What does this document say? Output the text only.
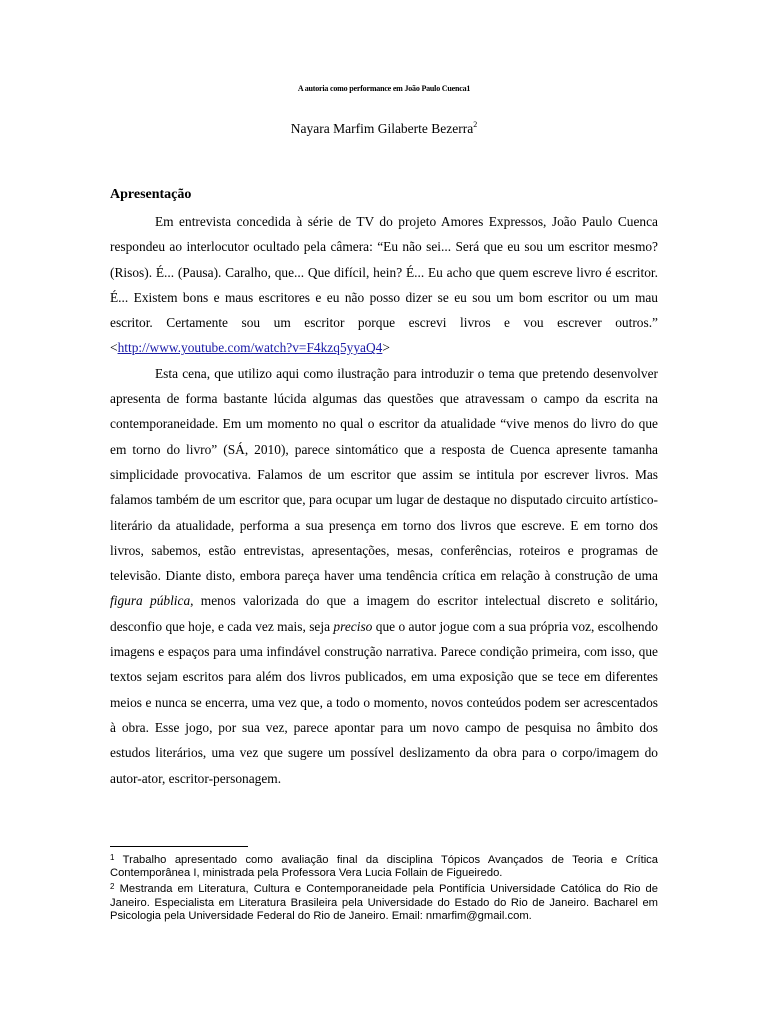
A autoria como performance em João Paulo Cuenca1
Nayara Marfim Gilaberte Bezerra$^2$
Apresentação

Em entrevista concedida à série de TV do projeto Amores Expressos, João Paulo Cuenca respondeu ao interlocutor ocultado pela câmera: “Eu não sei... Será que eu sou um escritor mesmo? (Risos). É... (Pausa). Caralho, que... Que difícil, hein? É... Eu acho que quem escreve livro é escritor. É... Existem bons e maus escritores e eu não posso dizer se eu sou um bom escritor ou um mau escritor. Certamente sou um escritor porque escrevi livros e vou escrever outros.” <http://www.youtube.com/watch?v=F4kzq5yyaQ4>

Esta cena, que utilizo aqui como ilustração para introduzir o tema que pretendo desenvolver apresenta de forma bastante lúcida algumas das questões que atravessam o campo da escrita na contemporaneidade. Em um momento no qual o escritor da atualidade “vive menos do livro do que em torno do livro” (SÁ, 2010), parece sintomático que a resposta de Cuenca apresente tamanha simplicidade provocativa. Falamos de um escritor que assim se intitula por escrever livros. Mas falamos também de um escritor que, para ocupar um lugar de destaque no disputado circuito artístico-literário da atualidade, performa a sua presença em torno dos livros que escreve. E em torno dos livros, sabemos, estão entrevistas, apresentações, mesas, conferências, roteiros e programas de televisão. Diante disto, embora pareça haver uma tendência crítica em relação à construção de uma figura pública, menos valorizada do que a imagem do escritor intelectual discreto e solitário, desconfio que hoje, e cada vez mais, seja preciso que o autor jogue com a sua própria voz, escolhendo imagens e espaços para uma infindável construção narrativa. Parece condição primeira, com isso, que textos sejam escritos para além dos livros publicados, em uma exposição que se tece em diferentes meios e nunca se encerra, uma vez que, a todo o momento, novos conteúdos podem ser acrescentados à obra. Esse jogo, por sua vez, parece apontar para um novo campo de pesquisa no âmbito dos estudos literários, uma vez que sugere um possível deslizamento da obra para o corpo/imagem do autor-ator, escritor-personagem.

$^1$ Trabalho apresentado como avaliação final da disciplina Tópicos Avançados de Teoria e Crítica Contemporânea I, ministrada pela Professora Vera Lucia Follain de Figueiredo.

$^2$ Mestranda em Literatura, Cultura e Contemporaneidade pela Pontifícia Universidade Católica do Rio de Janeiro. Especialista em Literatura Brasileira pela Universidade do Estado do Rio de Janeiro. Bacharel em Psicologia pela Universidade Federal do Rio de Janeiro. Email: nmarfim@gmail.com.
